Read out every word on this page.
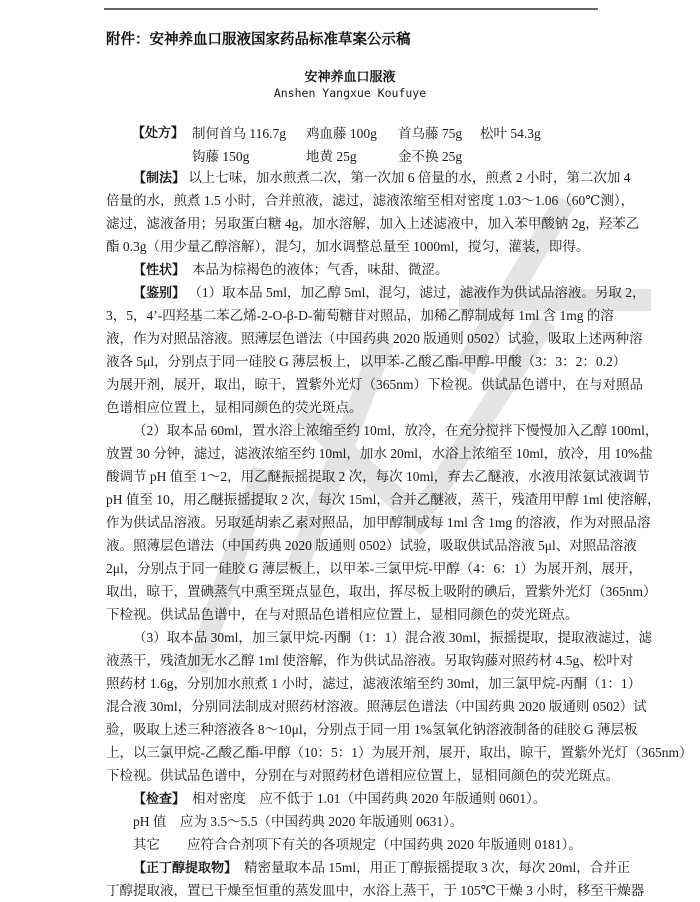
附件：安神养血口服液国家药品标准草案公示稿
安神养血口服液
Anshen Yangxue Koufuye
【处方】 制何首乌 116.7g 鸡血藤 100g 首乌藤 75g 松叶 54.3g
钩藤 150g	地黄 25g	金不换 25g
【制法】 以上七味，加水煎煮二次，第一次加 6 倍量的水，煎煮 2 小时，第二次加 4
倍量的水，煎煮 1.5 小时，合并煎液，滤过，滤液浓缩至相对密度 1.03～1.06（60℃测），
滤过，滤液备用；另取蛋白糖 4g，加水溶解，加入上述滤液中，加入苯甲酸钠 2g，羟苯乙
酯 0.3g（用少量乙醇溶解），混匀，加水调整总量至 1000ml，搅匀，灌装，即得。
【性状】　 本品为棕褐色的液体；气香，味甜、微涩。
【鉴别】 （1）取本品 5ml，加乙醇 5ml，混匀，滤过，滤液作为供试品溶液。另取 2，
3，5，4’-四羟基二苯乙烯-2-O-β-D-葡萄糖苷对照品，加稀乙醇制成每 1ml 含 1mg 的溶
液，作为对照品溶液。照薄层色谱法（中国药典 2020 版通则 0502）试验，吸取上述两种溶
液各 5μl，分别点于同一硅胶 G 薄层板上，以甲苯-乙酸乙酯-甲醇-甲酸（3：3：2：0.2）
为展开剂，展开，取出，晾干，置紫外光灯（365nm）下检视。供试品色谱中，在与对照品
色谱相应位置上，显相同颜色的荧光斑点。
（2）取本品 60ml，置水浴上浓缩至约 10ml，放冷，在充分搅拌下慢慢加入乙醇 100ml，
放置 30 分钟，滤过，滤液浓缩至约 10ml，加水 20ml，水浴上浓缩至 10ml，放冷，用 10%盐
酸调节 pH 值至 1～2，用乙醚振摇提取 2 次，每次 10ml，弃去乙醚液，水液用浓氨试液调节
pH 值至 10，用乙醚振摇提取 2 次，每次 15ml，合并乙醚液，蒸干，残渣用甲醇 1ml 使溶解，
作为供试品溶液。另取延胡索乙素对照品，加甲醇制成每 1ml 含 1mg 的溶液，作为对照品溶
液。照薄层色谱法（中国药典 2020 版通则 0502）试验，吸取供试品溶液 5μl、对照品溶液
2μl，分别点于同一硅胶 G 薄层板上，以甲苯-三氯甲烷-甲醇（4：6：1）为展开剂，展开，
取出，晾干，置碘蒸气中熏至斑点显色，取出，挥尽板上吸附的碘后，置紫外光灯（365nm）
下检视。供试品色谱中，在与对照品色谱相应位置上，显相同颜色的荧光斑点。
（3）取本品 30ml，加三氯甲烷-丙酮（1：1）混合液 30ml，振摇提取，提取液滤过，滤
液蒸干，残渣加无水乙醇 1ml 使溶解，作为供试品溶液。另取钩藤对照药材 4.5g、松叶对
照药材 1.6g，分别加水煎煮 1 小时，滤过，滤液浓缩至约 30ml，加三氯甲烷-丙酮（1：1）
混合液 30ml，分别同法制成对照药材溶液。照薄层色谱法（中国药典 2020 版通则 0502）试
验，吸取上述三种溶液各 8～10μl，分别点于同一用 1%氢氧化钠溶液制备的硅胶 G 薄层板
上，以三氯甲烷-乙酸乙酯-甲醇（10：5：1）为展开剂，展开，取出，晾干，置紫外光灯（365nm）
下检视。供试品色谱中，分别在与对照药材色谱相应位置上，显相同颜色的荧光斑点。
【检查】　 相对密度　应不低于 1.01（中国药典 2020 年版通则 0601）。
pH 值　应为 3.5～5.5（中国药典 2020 年版通则 0631）。
其它　　应符合合剂项下有关的各项规定（中国药典 2020 年版通则 0181）。
【正丁醇提取物】　 精密量取本品 15ml，用正丁醇振摇提取 3 次，每次 20ml，合并正
丁醇提取液，置已干燥至恒重的蒸发皿中，水浴上蒸干，于 105℃干燥 3 小时，移至干燥器
